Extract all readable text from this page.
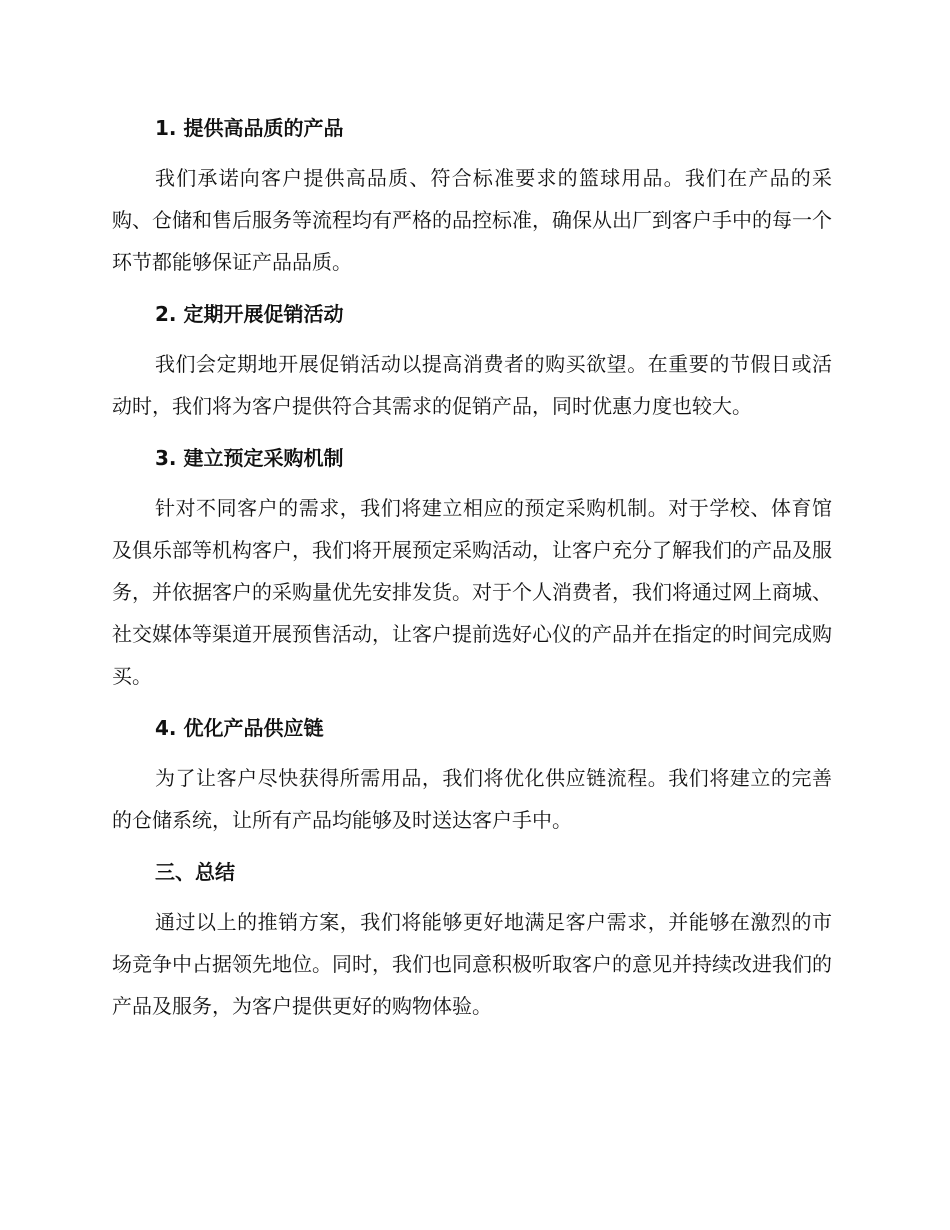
1. 提供高品质的产品

我们承诺向客户提供高品质、符合标准要求的篮球用品。我们在产品的采购、仓储和售后服务等流程均有严格的品控标准，确保从出厂到客户手中的每一个环节都能够保证产品品质。

2. 定期开展促销活动

我们会定期地开展促销活动以提高消费者的购买欲望。在重要的节假日或活动时，我们将为客户提供符合其需求的促销产品，同时优惠力度也较大。

3. 建立预定采购机制

针对不同客户的需求，我们将建立相应的预定采购机制。对于学校、体育馆及俱乐部等机构客户，我们将开展预定采购活动，让客户充分了解我们的产品及服务，并依据客户的采购量优先安排发货。对于个人消费者，我们将通过网上商城、社交媒体等渠道开展预售活动，让客户提前选好心仪的产品并在指定的时间完成购买。

4. 优化产品供应链

为了让客户尽快获得所需用品，我们将优化供应链流程。我们将建立的完善的仓储系统，让所有产品均能够及时送达客户手中。

三、总结

通过以上的推销方案，我们将能够更好地满足客户需求，并能够在激烈的市场竞争中占据领先地位。同时，我们也同意积极听取客户的意见并持续改进我们的产品及服务，为客户提供更好的购物体验。
